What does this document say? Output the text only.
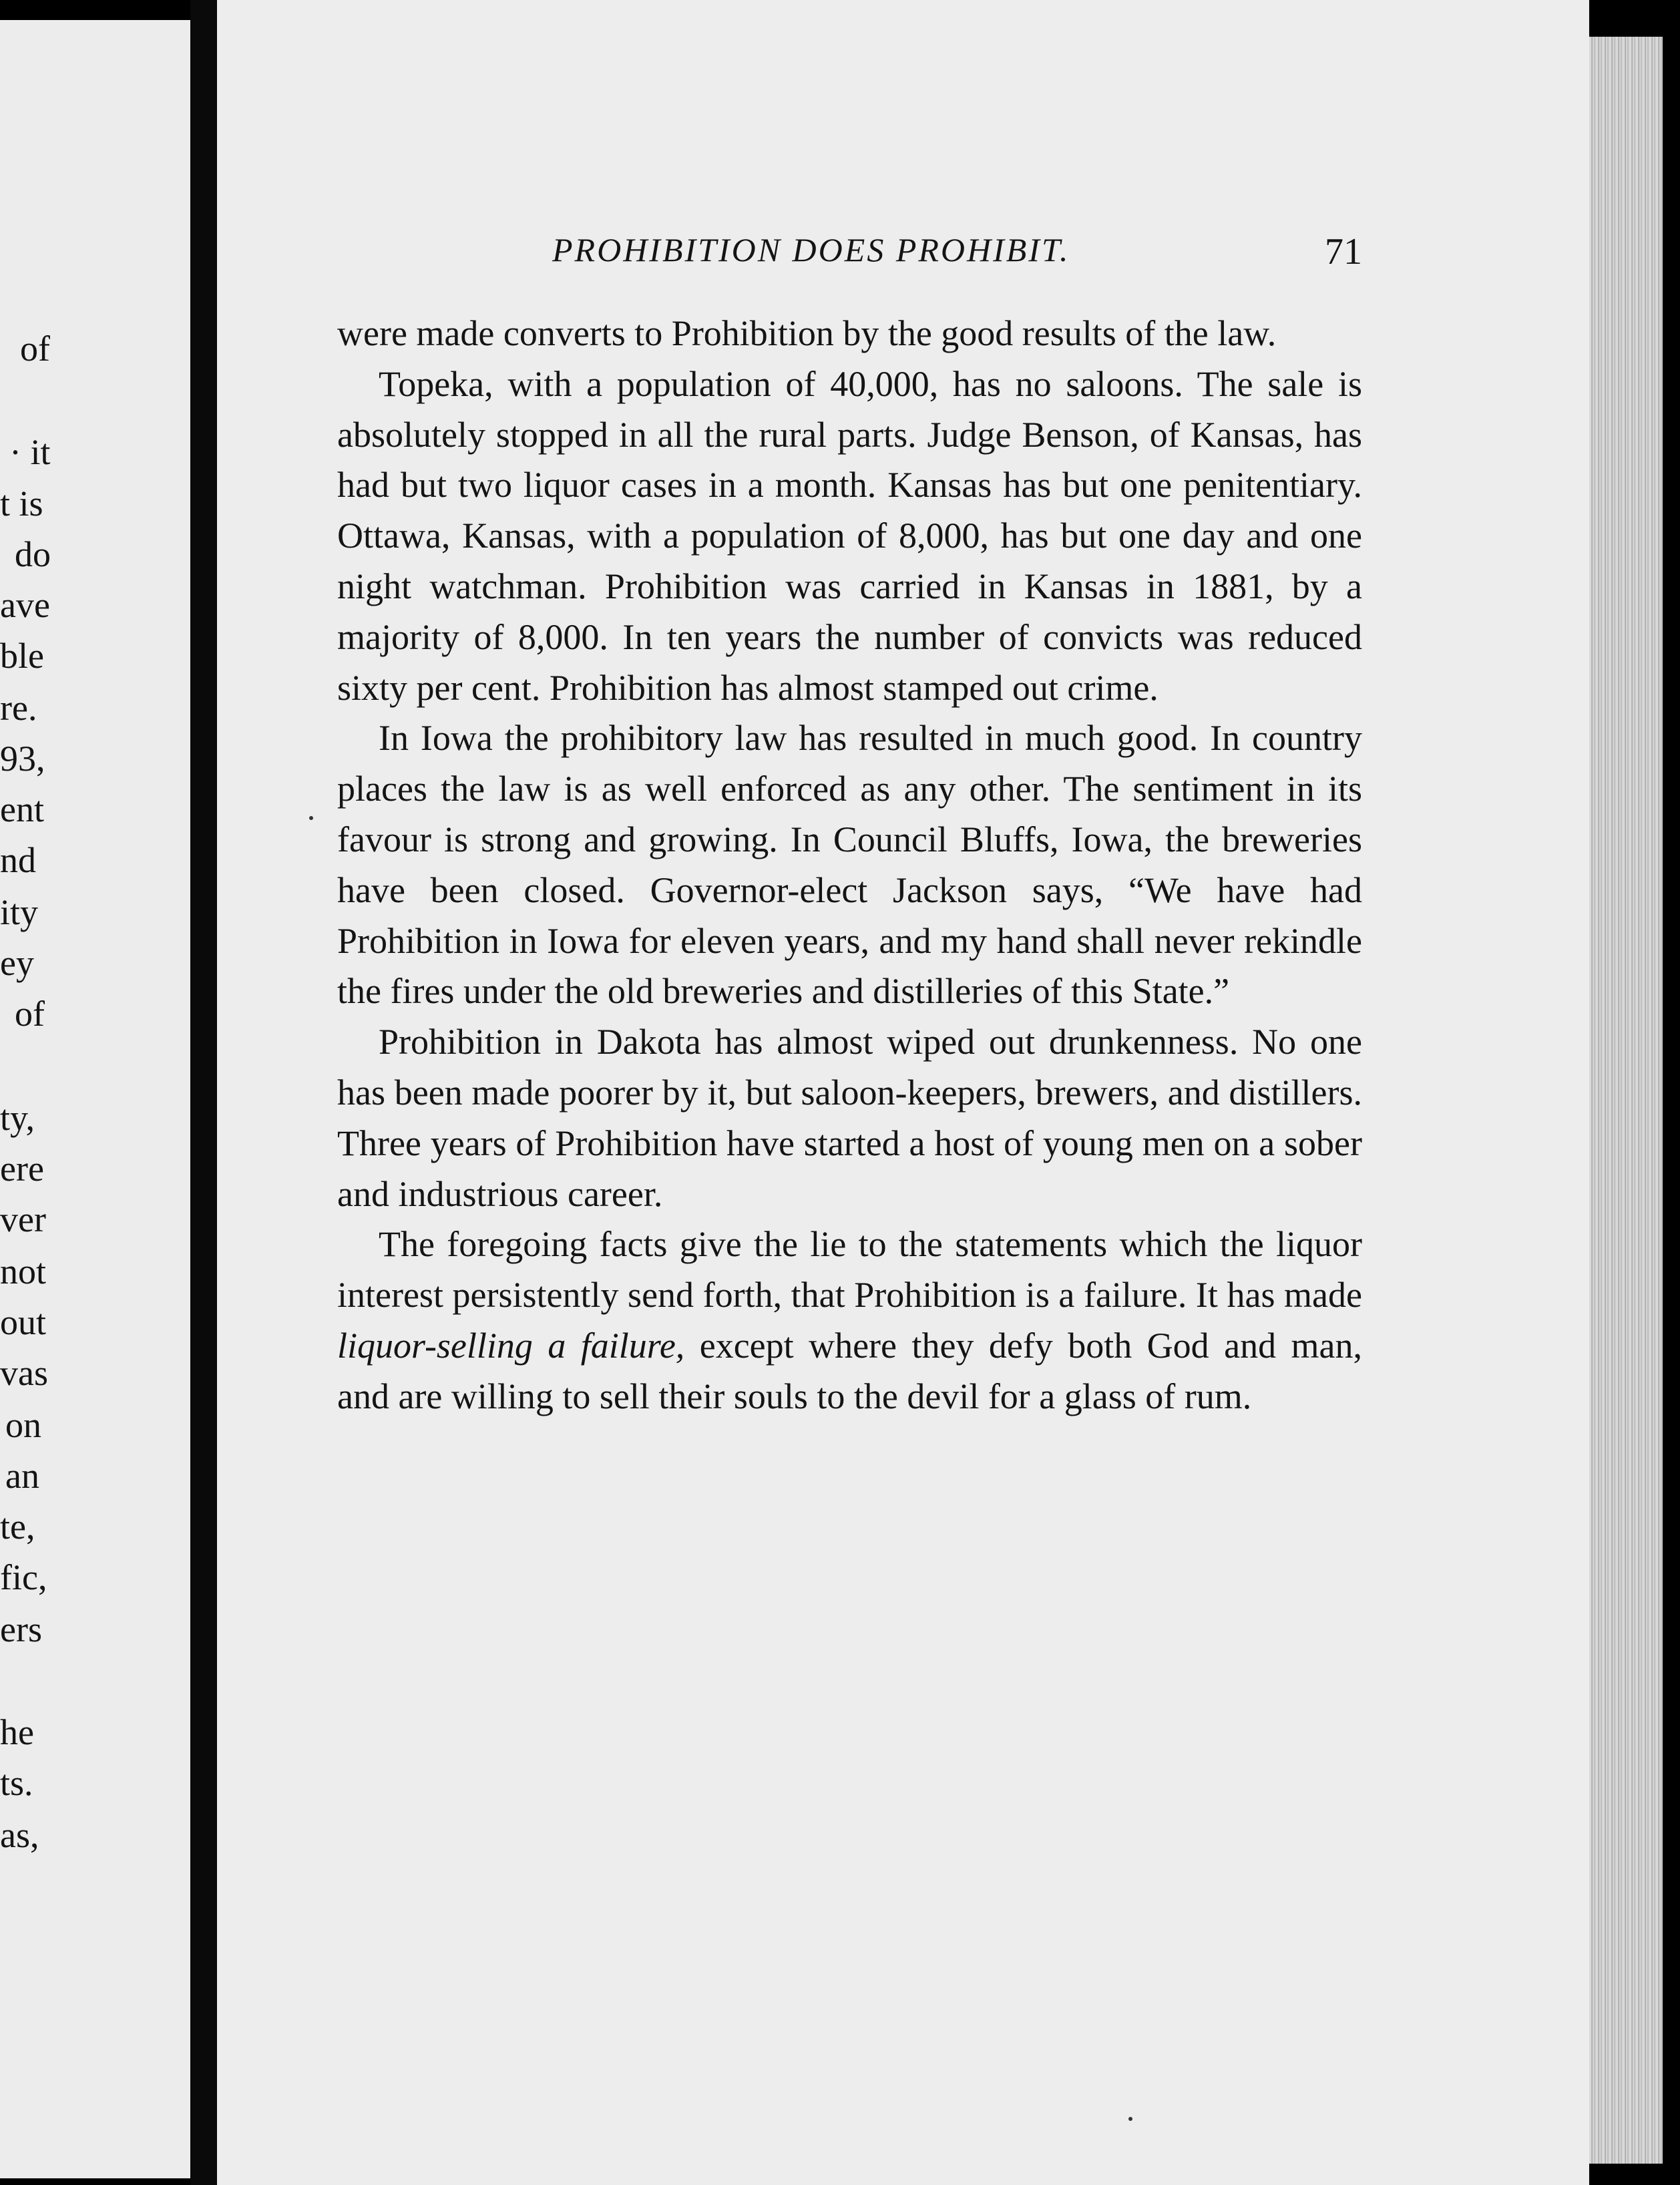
of
· it
t is
do
ave
ble
re.
93,
ent
nd
ity
ey
of
ty,
ere
ver
not
out
vas
on
an
te,
fic,
ers
he
ts.
as,
PROHIBITION DOES PROHIBIT.	71

were made converts to Prohibition by the good results of the law.

Topeka, with a population of 40,000, has no saloons. The sale is absolutely stopped in all the rural parts. Judge Benson, of Kansas, has had but two liquor cases in a month. Kansas has but one penitentiary. Ottawa, Kansas, with a population of 8,000, has but one day and one night watchman. Prohibition was carried in Kansas in 1881, by a majority of 8,000. In ten years the number of convicts was reduced sixty per cent. Prohibition has almost stamped out crime.

In Iowa the prohibitory law has resulted in much good. In country places the law is as well enforced as any other. The sentiment in its favour is strong and growing. In Council Bluffs, Iowa, the breweries have been closed. Governor-elect Jackson says, “We have had Prohibition in Iowa for eleven years, and my hand shall never rekindle the fires under the old breweries and distilleries of this State.”

Prohibition in Dakota has almost wiped out drunkenness. No one has been made poorer by it, but saloon-keepers, brewers, and distillers. Three years of Prohibition have started a host of young men on a sober and industrious career.

The foregoing facts give the lie to the statements which the liquor interest persistently send forth, that Prohibition is a failure. It has made liquor-selling a failure, except where they defy both God and man, and are willing to sell their souls to the devil for a glass of rum.
